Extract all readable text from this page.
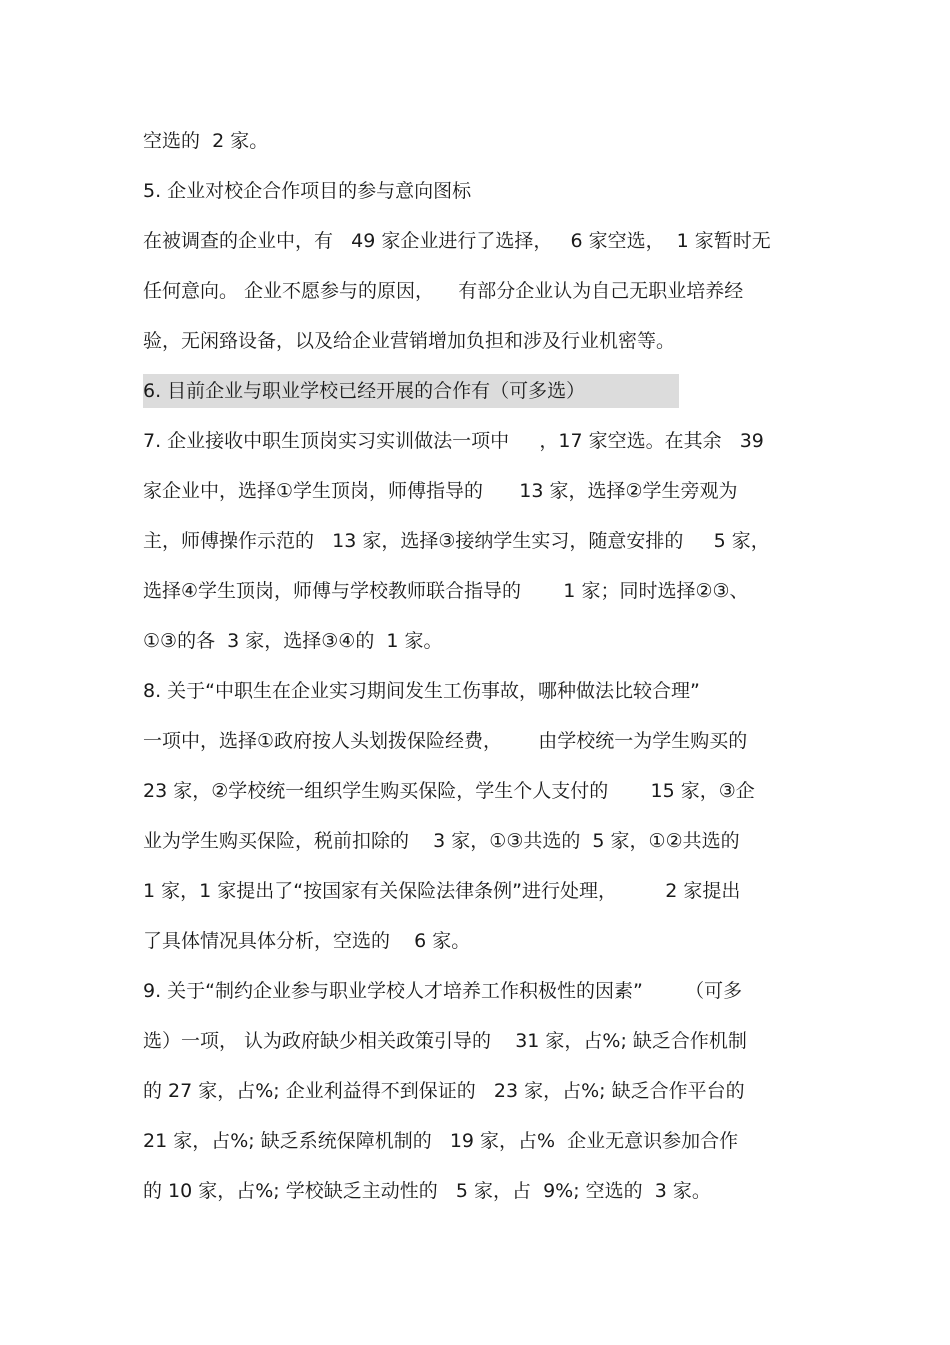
空选的  2 家。
5. 企业对校企合作项目的参与意向图标
在被调查的企业中，有   49 家企业进行了选择，   6 家空选，  1 家暂时无
任何意向。 企业不愿参与的原因，    有部分企业认为自己无职业培养经
验，无闲臵设备，以及给企业营销增加负担和涉及行业机密等。
6. 目前企业与职业学校已经开展的合作有（可多选）
7. 企业接收中职生顶岗实习实训做法一项中     ，17 家空选。在其余   39
家企业中，选择①学生顶岗，师傅指导的      13 家，选择②学生旁观为
主，师傅操作示范的   13 家，选择③接纳学生实习，随意安排的     5 家，
选择④学生顶岗，师傅与学校教师联合指导的       1 家；同时选择②③、
①③的各  3 家，选择③④的  1 家。
8. 关于“中职生在企业实习期间发生工伤事故，哪种做法比较合理”
一项中，选择①政府按人头划拨保险经费，      由学校统一为学生购买的
23 家，②学校统一组织学生购买保险，学生个人支付的       15 家，③企
业为学生购买保险，税前扣除的    3 家，①③共选的  5 家，①②共选的
1 家，1 家提出了“按国家有关保险法律条例”进行处理，        2 家提出
了具体情况具体分析，空选的    6 家。
9. 关于“制约企业参与职业学校人才培养工作积极性的因素”       （可多
选）一项， 认为政府缺少相关政策引导的    31 家，占%; 缺乏合作机制
的 27 家，占%; 企业利益得不到保证的   23 家，占%; 缺乏合作平台的
21 家，占%; 缺乏系统保障机制的   19 家，占%  企业无意识参加合作
的 10 家，占%; 学校缺乏主动性的   5 家，占  9%; 空选的  3 家。
